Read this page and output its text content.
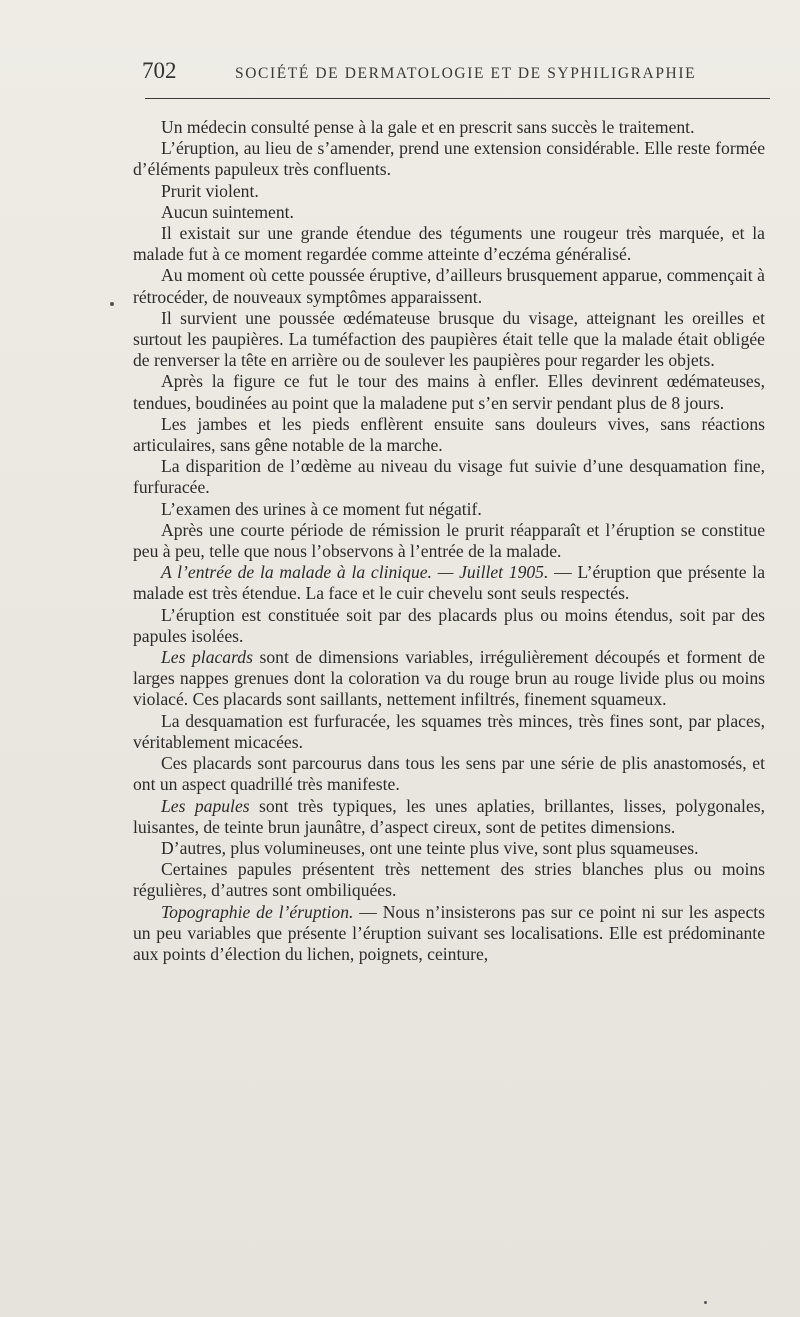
702	SOCIÉTÉ DE DERMATOLOGIE ET DE SYPHILIGRAPHIE

Un médecin consulté pense à la gale et en prescrit sans succès le traitement.

L’éruption, au lieu de s’amender, prend une extension considérable. Elle reste formée d’éléments papuleux très confluents.

Prurit violent.

Aucun suintement.

Il existait sur une grande étendue des téguments une rougeur très marquée, et la malade fut à ce moment regardée comme atteinte d’eczéma généralisé.

Au moment où cette poussée éruptive, d’ailleurs brusquement apparue, commençait à rétrocéder, de nouveaux symptômes apparaissent.

Il survient une poussée œdémateuse brusque du visage, atteignant les oreilles et surtout les paupières. La tuméfaction des paupières était telle que la malade était obligée de renverser la tête en arrière ou de soulever les paupières pour regarder les objets.

Après la figure ce fut le tour des mains à enfler. Elles devinrent œdémateuses, tendues, boudinées au point que la maladene put s’en servir pendant plus de 8 jours.

Les jambes et les pieds enflèrent ensuite sans douleurs vives, sans réactions articulaires, sans gêne notable de la marche.

La disparition de l’œdème au niveau du visage fut suivie d’une desquamation fine, furfuracée.

L’examen des urines à ce moment fut négatif.

Après une courte période de rémission le prurit réapparaît et l’éruption se constitue peu à peu, telle que nous l’observons à l’entrée de la malade.

A l’entrée de la malade à la clinique. — Juillet 1905. — L’éruption que présente la malade est très étendue. La face et le cuir chevelu sont seuls respectés.

L’éruption est constituée soit par des placards plus ou moins étendus, soit par des papules isolées.

Les placards sont de dimensions variables, irrégulièrement découpés et forment de larges nappes grenues dont la coloration va du rouge brun au rouge livide plus ou moins violacé. Ces placards sont saillants, nettement infiltrés, finement squameux.

La desquamation est furfuracée, les squames très minces, très fines sont, par places, véritablement micacées.

Ces placards sont parcourus dans tous les sens par une série de plis anastomosés, et ont un aspect quadrillé très manifeste.

Les papules sont très typiques, les unes aplaties, brillantes, lisses, polygonales, luisantes, de teinte brun jaunâtre, d’aspect cireux, sont de petites dimensions.

D’autres, plus volumineuses, ont une teinte plus vive, sont plus squameuses.

Certaines papules présentent très nettement des stries blanches plus ou moins régulières, d’autres sont ombiliquées.

Topographie de l’éruption. — Nous n’insisterons pas sur ce point ni sur les aspects un peu variables que présente l’éruption suivant ses localisations. Elle est prédominante aux points d’élection du lichen, poignets, ceinture,
